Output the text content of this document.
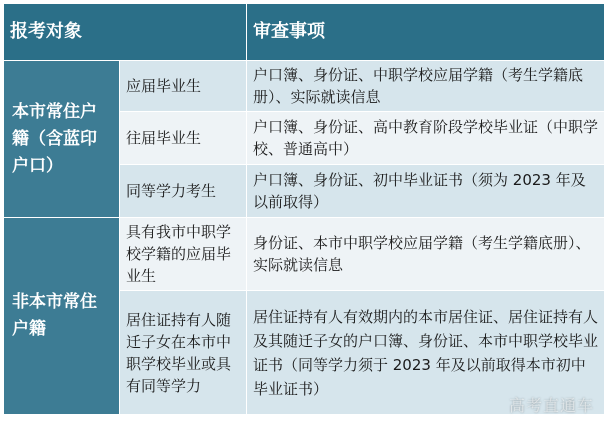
报考对象		审查事项
本市常住户籍（含蓝印户口）	应届毕业生	户口簿、身份证、中职学校应届学籍（考生学籍底册）、实际就读信息
	往届毕业生	户口簿、身份证、高中教育阶段学校毕业证（中职学校、普通高中）
	同等学力考生	户口簿、身份证、初中毕业证书（须为 2023 年及以前取得）
非本市常住户籍	具有我市中职学校学籍的应届毕业生	身份证、本市中职学校应届学籍（考生学籍底册）、实际就读信息
	居住证持有人随迁子女在本市中职学校毕业或具有同等学力	居住证持有人有效期内的本市居住证、居住证持有人及其随迁子女的户口簿、身份证、本市中职学校毕业证书（同等学力须于 2023 年及以前取得本市初中毕业证书）
高考直通车
